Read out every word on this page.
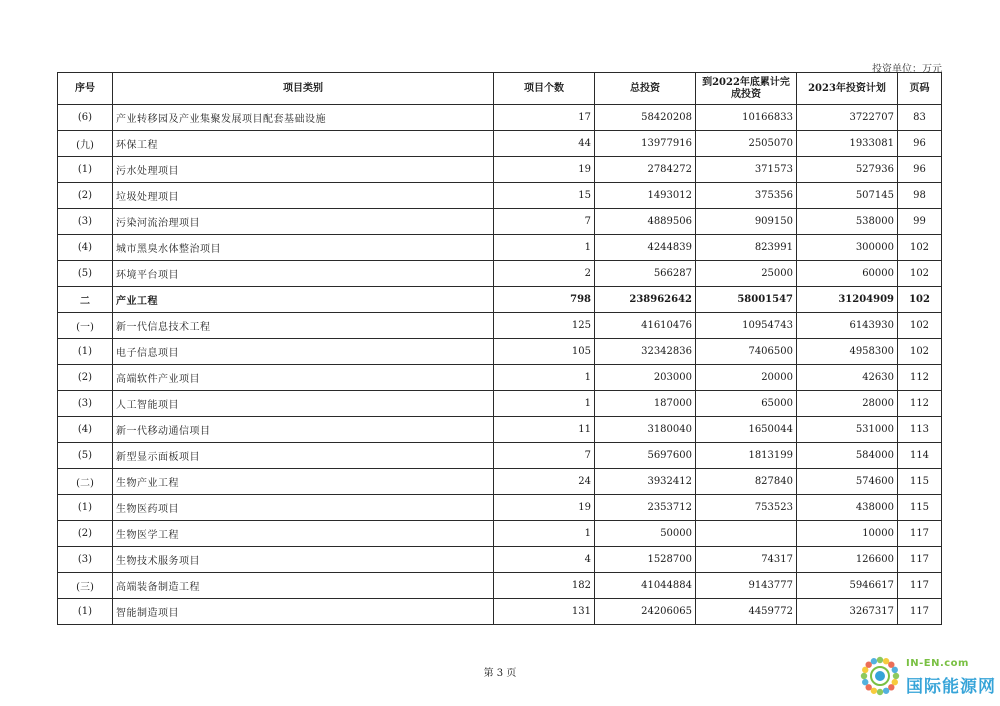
投资单位：万元
序号	项目类别	项目个数	总投资	到2022年底累计完成投资	2023年投资计划	页码
(6)	产业转移园及产业集聚发展项目配套基础设施	17	58420208	10166833	3722707	83
(九)	环保工程	44	13977916	2505070	1933081	96
(1)	污水处理项目	19	2784272	371573	527936	96
(2)	垃圾处理项目	15	1493012	375356	507145	98
(3)	污染河流治理项目	7	4889506	909150	538000	99
(4)	城市黑臭水体整治项目	1	4244839	823991	300000	102
(5)	环境平台项目	2	566287	25000	60000	102
二	产业工程	798	238962642	58001547	31204909	102
(一)	新一代信息技术工程	125	41610476	10954743	6143930	102
(1)	电子信息项目	105	32342836	7406500	4958300	102
(2)	高端软件产业项目	1	203000	20000	42630	112
(3)	人工智能项目	1	187000	65000	28000	112
(4)	新一代移动通信项目	11	3180040	1650044	531000	113
(5)	新型显示面板项目	7	5697600	1813199	584000	114
(二)	生物产业工程	24	3932412	827840	574600	115
(1)	生物医药项目	19	2353712	753523	438000	115
(2)	生物医学工程	1	50000		10000	117
(3)	生物技术服务项目	4	1528700	74317	126600	117
(三)	高端装备制造工程	182	41044884	9143777	5946617	117
(1)	智能制造项目	131	24206065	4459772	3267317	117
第 3 页
IN-EN.com
国际能源网
